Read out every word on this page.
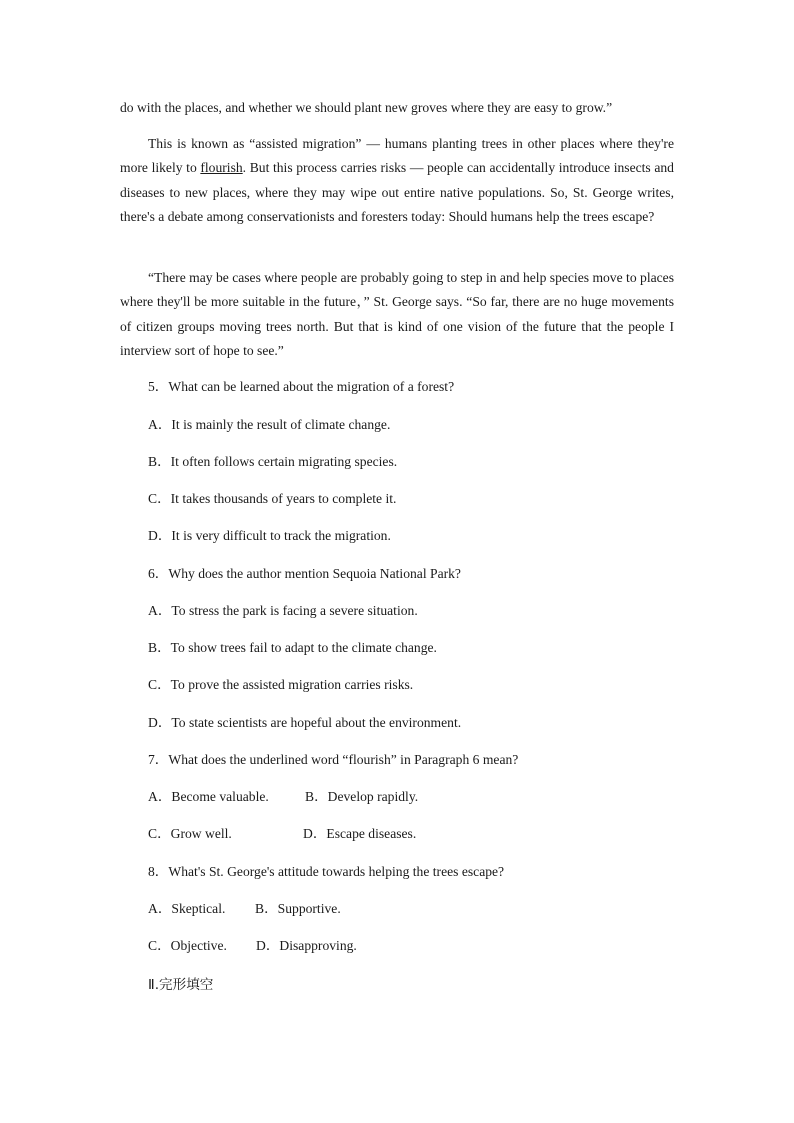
do with the places, and whether we should plant new groves where they are easy to grow.”

This is known as “assisted migration” — humans planting trees in other places where they're more likely to flourish. But this process carries risks — people can accidentally introduce insects and diseases to new places, where they may wipe out entire native populations. So, St. George writes, there's a debate among conservationists and foresters today: Should humans help the trees escape?

“There may be cases where people are probably going to step in and help species move to places where they'll be more suitable in the future，” St. George says. “So far, there are no huge movements of citizen groups moving trees north. But that is kind of one vision of the future that the people I interview sort of hope to see.”

5．What can be learned about the migration of a forest?
A．It is mainly the result of climate change.
B．It often follows certain migrating species.
C．It takes thousands of years to complete it.
D．It is very difficult to track the migration.
6．Why does the author mention Sequoia National Park?
A．To stress the park is facing a severe situation.
B．To show trees fail to adapt to the climate change.
C．To prove the assisted migration carries risks.
D．To state scientists are hopeful about the environment.
7．What does the underlined word “flourish” in Paragraph 6 mean?
A．Become valuable.	B．Develop rapidly.
C．Grow well.	D．Escape diseases.
8．What's St. George's attitude towards helping the trees escape?
A．Skeptical. B．Supportive.
C．Objective. D．Disapproving.
Ⅱ.完形填空
